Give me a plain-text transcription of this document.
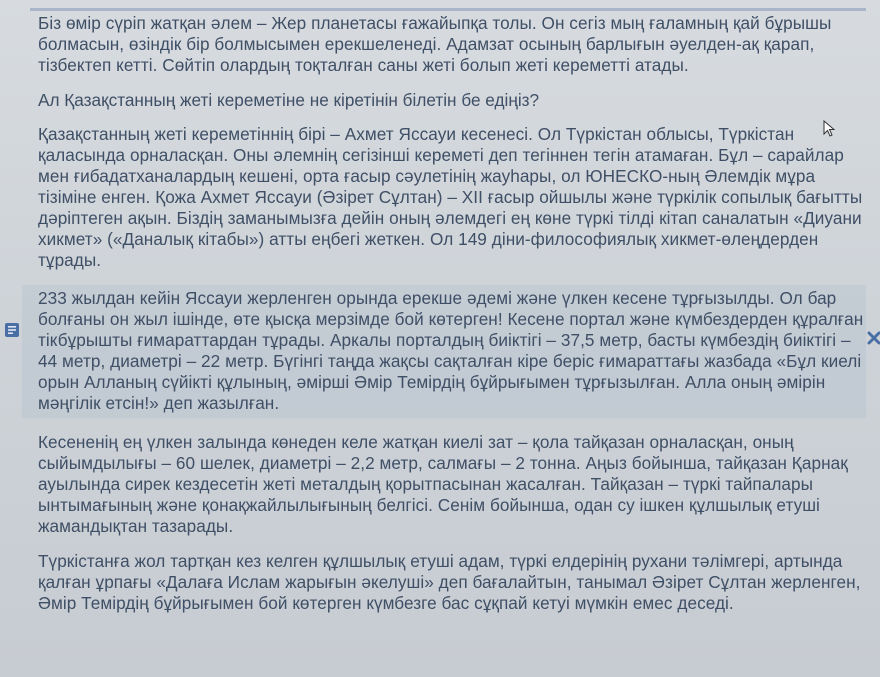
Біз өмір сүріп жатқан әлем – Жер планетасы ғажайыпқа толы. Он сегіз мың ғаламның қай бұрышы болмасын, өзіндік бір болмысымен ерекшеленеді. Адамзат осының барлығын әуелден-ақ қарап, тізбектеп кетті. Сөйтіп олардың тоқталған саны жеті болып жеті кереметті атады.

Ал Қазақстанның жеті кереметіне не кіретінін білетін бе едіңіз?

Қазақстанның жеті кереметіннің бірі – Ахмет Яссауи кесенесі. Ол Түркістан облысы, Түркістан қаласында орналасқан. Оны әлемнің сегізінші кереметі деп тегіннен тегін атамаған. Бұл – сарайлар мен ғибадатханалардың кешені, орта ғасыр сәулетінің жауһары, ол ЮНЕСКО-ның Әлемдік мұра тізіміне енген. Қожа Ахмет Яссауи (Әзірет Сұлтан) – XII ғасыр ойшылы және түркілік сопылық бағытты дәріптеген ақын. Біздің заманымызға дейін оның әлемдегі ең көне түркі тілді кітап саналатын «Диуани хикмет» («Даналық кітабы») атты еңбегі жеткен. Ол 149 діни-философиялық хикмет-өлеңдерден тұрады.

233 жылдан кейін Яссауи жерленген орында ерекше әдемі және үлкен кесене тұрғызылды. Ол бар болғаны он жыл ішінде, өте қысқа мерзімде бой көтерген! Кесене портал және күмбездерден құралған тікбұрышты ғимараттардан тұрады. Аркалы порталдың биіктігі – 37,5 метр, басты күмбездің биіктігі – 44 метр, диаметрі – 22 метр. Бүгінгі таңда жақсы сақталған кіре беріс ғимараттағы жазбада «Бұл киелі орын Алланың сүйікті құлының, әмірші Әмір Темірдің бұйрығымен тұрғызылған. Алла оның әмірін мәңгілік етсін!» деп жазылған.

Кесененің ең үлкен залында көнеден келе жатқан киелі зат – қола тайқазан орналасқан, оның сыйымдылығы – 60 шелек, диаметрі – 2,2 метр, салмағы – 2 тонна. Аңыз бойынша, тайқазан Қарнақ ауылында сирек кездесетін жеті металдың қорытпасынан жасалған. Тайқазан – түркі тайпалары ынтымағының және қонақжайлылығының белгісі. Сенім бойынша, одан су ішкен құлшылық етуші жамандықтан тазарады.

Түркістанға жол тартқан кез келген құлшылық етуші адам, түркі елдерінің рухани тәлімгері, артында қалған ұрпағы «Далаға Ислам жарығын әкелуші» деп бағалайтын, танымал Әзірет Сұлтан жерленген, Әмір Темірдің бұйрығымен бой көтерген күмбезге бас сұқпай кетуі мүмкін емес деседі.
